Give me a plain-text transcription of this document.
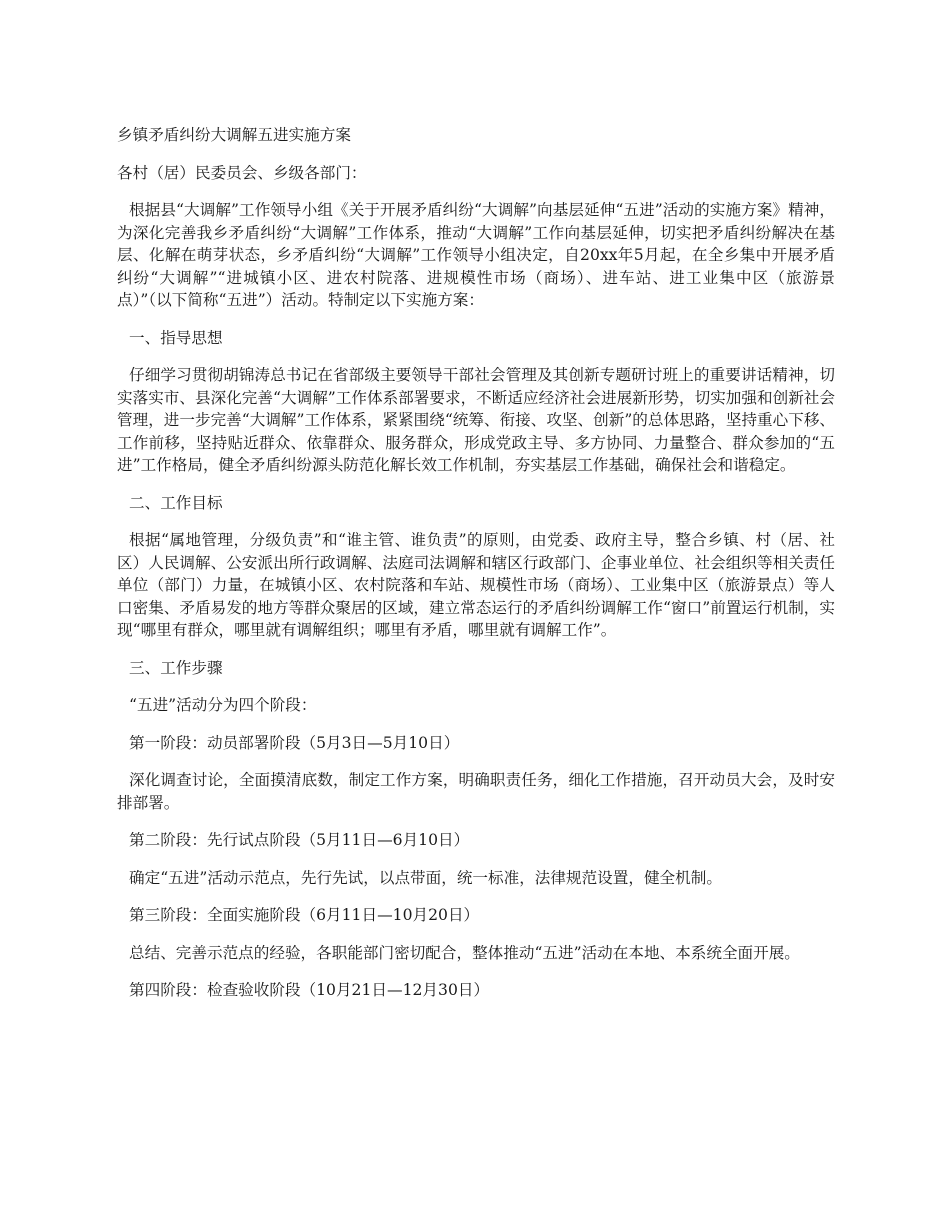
乡镇矛盾纠纷大调解五进实施方案

各村（居）民委员会、乡级各部门：

根据县“大调解”工作领导小组《关于开展矛盾纠纷“大调解”向基层延伸“五进”活动的实施方案》精神，为深化完善我乡矛盾纠纷“大调解”工作体系，推动“大调解”工作向基层延伸，切实把矛盾纠纷解决在基层、化解在萌芽状态，乡矛盾纠纷“大调解”工作领导小组决定，自20xx年5月起，在全乡集中开展矛盾纠纷“大调解”“进城镇小区、进农村院落、进规模性市场（商场）、进车站、进工业集中区（旅游景点）”（以下简称“五进”）活动。特制定以下实施方案：

一、指导思想

仔细学习贯彻胡锦涛总书记在省部级主要领导干部社会管理及其创新专题研讨班上的重要讲话精神，切实落实市、县深化完善“大调解”工作体系部署要求，不断适应经济社会进展新形势，切实加强和创新社会管理，进一步完善“大调解”工作体系，紧紧围绕“统筹、衔接、攻坚、创新”的总体思路，坚持重心下移、工作前移，坚持贴近群众、依靠群众、服务群众，形成党政主导、多方协同、力量整合、群众参加的“五进”工作格局，健全矛盾纠纷源头防范化解长效工作机制，夯实基层工作基础，确保社会和谐稳定。

二、工作目标

根据“属地管理，分级负责”和“谁主管、谁负责”的原则，由党委、政府主导，整合乡镇、村（居、社区）人民调解、公安派出所行政调解、法庭司法调解和辖区行政部门、企事业单位、社会组织等相关责任单位（部门）力量，在城镇小区、农村院落和车站、规模性市场（商场）、工业集中区（旅游景点）等人口密集、矛盾易发的地方等群众聚居的区域，建立常态运行的矛盾纠纷调解工作“窗口”前置运行机制，实现“哪里有群众，哪里就有调解组织；哪里有矛盾，哪里就有调解工作”。

三、工作步骤

“五进”活动分为四个阶段：

第一阶段：动员部署阶段（5月3日—5月10日）

深化调查讨论，全面摸清底数，制定工作方案，明确职责任务，细化工作措施，召开动员大会，及时安排部署。

第二阶段：先行试点阶段（5月11日—6月10日）

确定“五进”活动示范点，先行先试，以点带面，统一标准，法律规范设置，健全机制。

第三阶段：全面实施阶段（6月11日—10月20日）

总结、完善示范点的经验，各职能部门密切配合，整体推动“五进”活动在本地、本系统全面开展。

第四阶段：检查验收阶段（10月21日—12月30日）
